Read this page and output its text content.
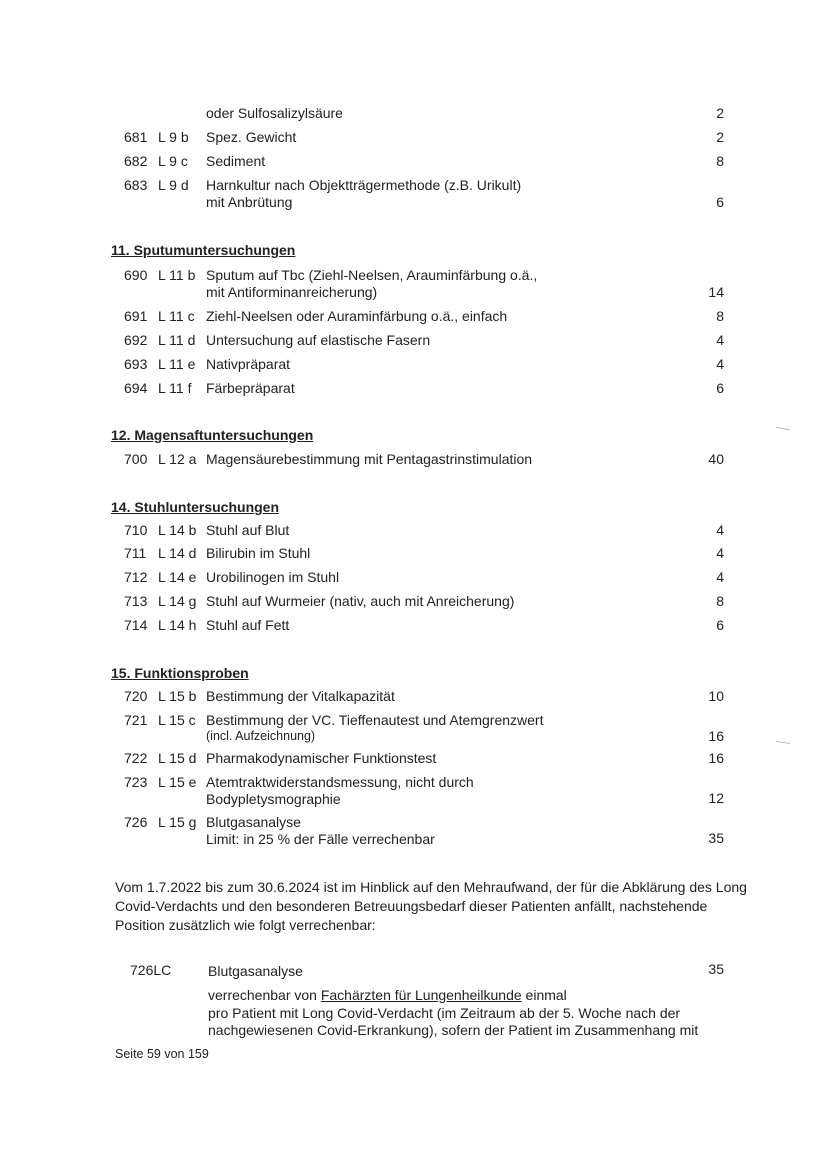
oder Sulfosalizylsäure	2
681 L 9 b Spez. Gewicht	2
682 L 9 c Sediment	8
683 L 9 d Harnkultur nach Objektträgermethode (z.B. Urikult)
mit Anbrütung	6
11. Sputumuntersuchungen
690 L 11 b Sputum auf Tbc (Ziehl-Neelsen, Arauminfärbung o.ä.,
mit Antiforminanreicherung)	14
691 L 11 c Ziehl-Neelsen oder Auraminfärbung o.ä., einfach	8
692 L 11 d Untersuchung auf elastische Fasern	4
693 L 11 e Nativpräparat	4
694 L 11 f Färbepräparat	6
12. Magensaftuntersuchungen
700 L 12 a Magensäurebestimmung mit Pentagastrinstimulation	40
14. Stuhluntersuchungen
710 L 14 b Stuhl auf Blut	4
711 L 14 d Bilirubin im Stuhl	4
712 L 14 e Urobilinogen im Stuhl	4
713 L 14 g Stuhl auf Wurmeier (nativ, auch mit Anreicherung)	8
714 L 14 h Stuhl auf Fett	6
15. Funktionsproben
720 L 15 b Bestimmung der Vitalkapazität	10
721 L 15 c Bestimmung der VC. Tieffenautest und Atemgrenzwert
(incl. Aufzeichnung)	16
722 L 15 d Pharmakodynamischer Funktionstest	16
723 L 15 e Atemtraktwiderstandsmessung, nicht durch
Bodypletysmographie	12
726 L 15 g Blutgasanalyse
Limit: in 25 % der Fälle verrechenbar	35
Vom 1.7.2022 bis zum 30.6.2024 ist im Hinblick auf den Mehraufwand, der für die Abklärung des Long Covid-Verdachts und den besonderen Betreuungsbedarf dieser Patienten anfällt, nachstehende Position zusätzlich wie folgt verrechenbar:
726LC	Blutgasanalyse	35
verrechenbar von Fachärzten für Lungenheilkunde einmal
pro Patient mit Long Covid-Verdacht (im Zeitraum ab der 5. Woche nach der
nachgewiesenen Covid-Erkrankung), sofern der Patient im Zusammenhang mit
Seite 59 von 159
